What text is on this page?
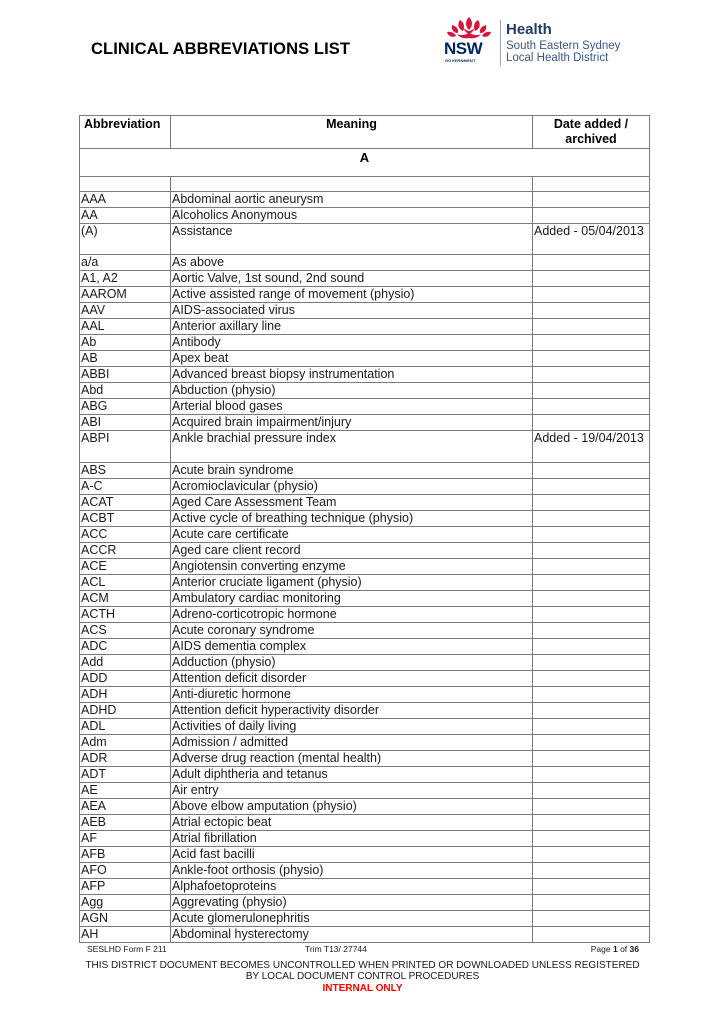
CLINICAL ABBREVIATIONS LIST	NSW
GOVERNMENT
Health
South Eastern Sydney
Local Health District
Abbreviation	Meaning	Date added / archived
A		

AAA	Abdominal aortic aneurysm	
AA	Alcoholics Anonymous	
(A)	Assistance	Added - 05/04/2013
a/a	As above	
A1, A2	Aortic Valve, 1st sound, 2nd sound	
AAROM	Active assisted range of movement (physio)	
AAV	AIDS-associated virus	
AAL	Anterior axillary line	
Ab	Antibody	
AB	Apex beat	
ABBI	Advanced breast biopsy instrumentation	
Abd	Abduction (physio)	
ABG	Arterial blood gases	
ABI	Acquired brain impairment/injury	
ABPI	Ankle brachial pressure index	Added - 19/04/2013
ABS	Acute brain syndrome	
A-C	Acromioclavicular (physio)	
ACAT	Aged Care Assessment Team	
ACBT	Active cycle of breathing technique (physio)	
ACC	Acute care certificate	
ACCR	Aged care client record	
ACE	Angiotensin converting enzyme	
ACL	Anterior cruciate ligament (physio)	
ACM	Ambulatory cardiac monitoring	
ACTH	Adreno-corticotropic hormone	
ACS	Acute coronary syndrome	
ADC	AIDS dementia complex	
Add	Adduction (physio)	
ADD	Attention deficit disorder	
ADH	Anti-diuretic hormone	
ADHD	Attention deficit hyperactivity disorder	
ADL	Activities of daily living	
Adm	Admission / admitted	
ADR	Adverse drug reaction (mental health)	
ADT	Adult diphtheria and tetanus	
AE	Air entry	
AEA	Above elbow amputation (physio)	
AEB	Atrial ectopic beat	
AF	Atrial fibrillation	
AFB	Acid fast bacilli	
AFO	Ankle-foot orthosis (physio)	
AFP	Alphafoetoproteins	
Agg	Aggrevating (physio)	
AGN	Acute glomerulonephritis	
AH	Abdominal hysterectomy	
SESLHD Form F 211	Trim T13/ 27744	Page 1 of 36
THIS DISTRICT DOCUMENT BECOMES UNCONTROLLED WHEN PRINTED OR DOWNLOADED UNLESS REGISTERED
BY LOCAL DOCUMENT CONTROL PROCEDURES
INTERNAL ONLY
